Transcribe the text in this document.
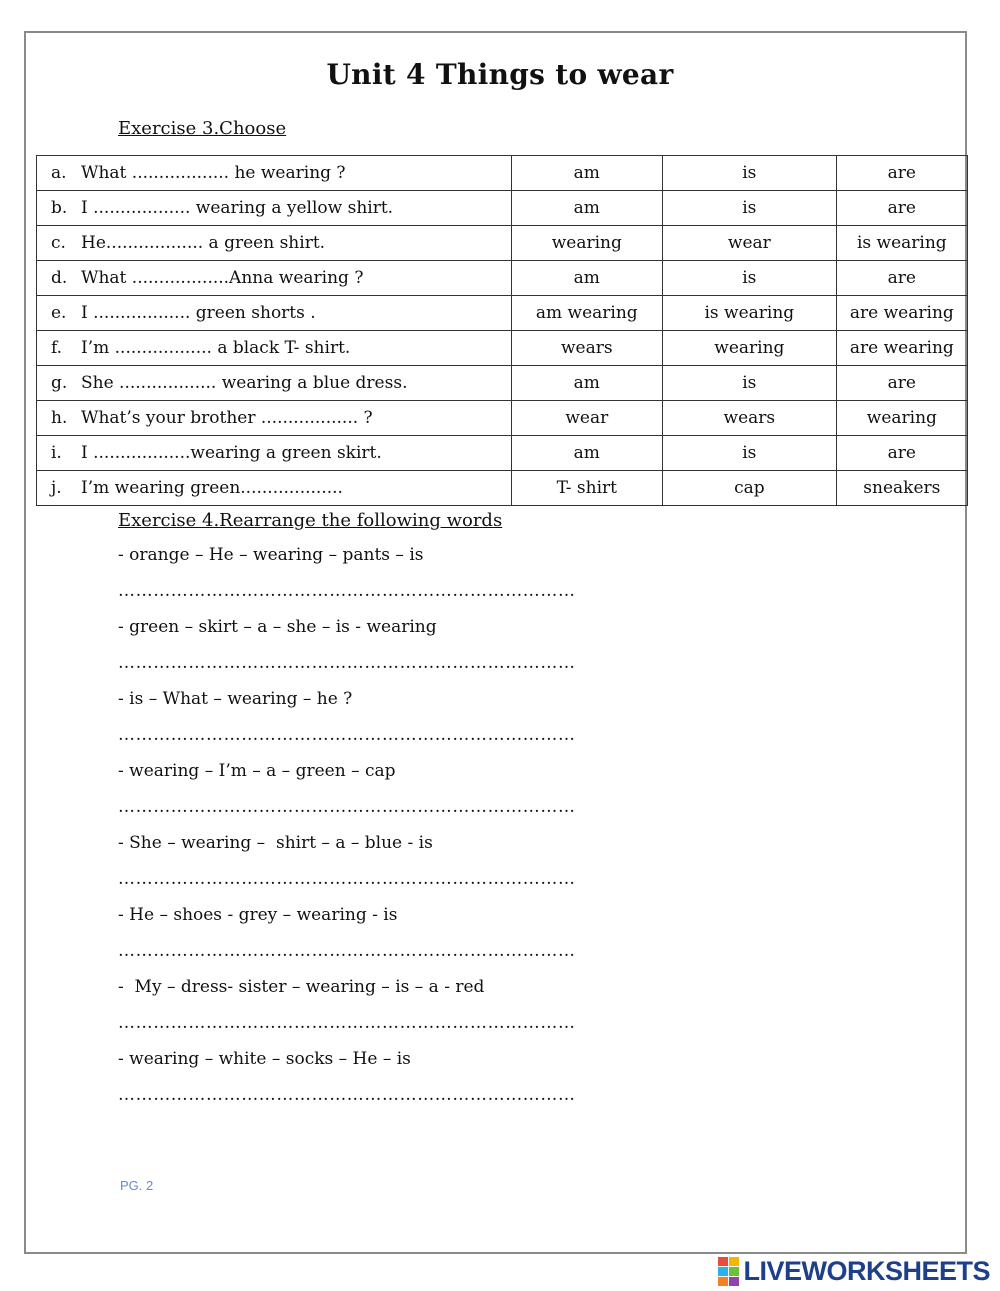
Unit 4 Things to wear
Exercise 3.Choose
a. What .................. he wearing ?	am	is	are
b. I .................. wearing a yellow shirt.	am	is	are
c. He.................. a green shirt.	wearing	wear	is wearing
d. What ..................Anna wearing ?	am	is	are
e. I .................. green shorts .	am wearing	is wearing	are wearing
f. I’m .................. a black T- shirt.	wears	wearing	are wearing
g. She .................. wearing a blue dress.	am	is	are
h. What’s your brother .................. ?	wear	wears	wearing
i. I ..................wearing a green skirt.	am	is	are
j. I’m wearing green...................	T- shirt	cap	sneakers
Exercise 4.Rearrange the following words
- orange – He – wearing – pants – is
……………………………………………………………………
- green – skirt – a – she – is - wearing
……………………………………………………………………
- is – What – wearing – he ?
……………………………………………………………………
- wearing – I’m – a – green – cap
……………………………………………………………………
- She – wearing –  shirt – a – blue - is
……………………………………………………………………
- He – shoes - grey – wearing - is
……………………………………………………………………
-  My – dress- sister – wearing – is – a - red
……………………………………………………………………
- wearing – white – socks – He – is
……………………………………………………………………
PG. 2
LIVEWORKSHEETS
